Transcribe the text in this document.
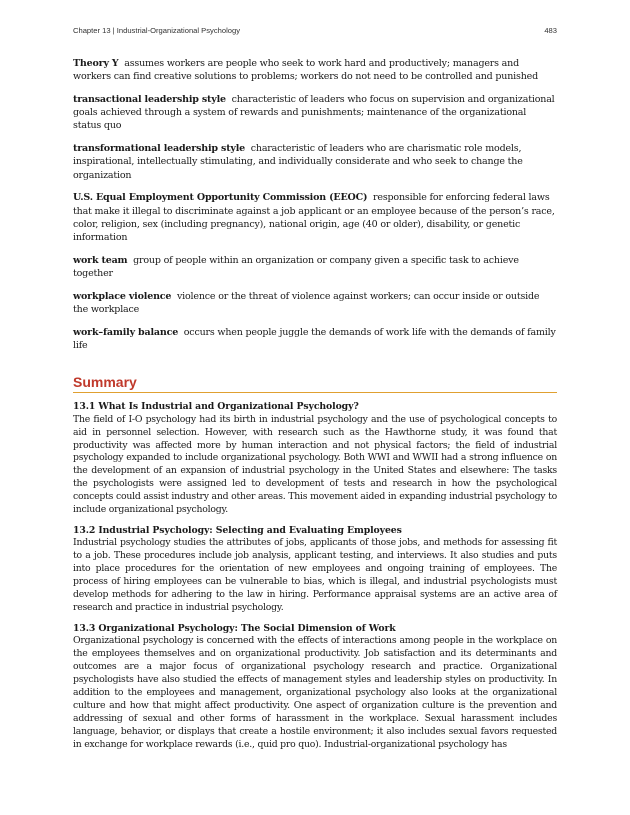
Chapter 13 | Industrial-Organizational Psychology	483

Theory Y assumes workers are people who seek to work hard and productively; managers and workers can find creative solutions to problems; workers do not need to be controlled and punished

transactional leadership style characteristic of leaders who focus on supervision and organizational goals achieved through a system of rewards and punishments; maintenance of the organizational status quo

transformational leadership style characteristic of leaders who are charismatic role models, inspirational, intellectually stimulating, and individually considerate and who seek to change the organization

U.S. Equal Employment Opportunity Commission (EEOC) responsible for enforcing federal laws that make it illegal to discriminate against a job applicant or an employee because of the person’s race, color, religion, sex (including pregnancy), national origin, age (40 or older), disability, or genetic information

work team group of people within an organization or company given a specific task to achieve together

workplace violence violence or the threat of violence against workers; can occur inside or outside the workplace

work–family balance occurs when people juggle the demands of work life with the demands of family life

Summary

13.1 What Is Industrial and Organizational Psychology?

The field of I-O psychology had its birth in industrial psychology and the use of psychological concepts to aid in personnel selection. However, with research such as the Hawthorne study, it was found that productivity was affected more by human interaction and not physical factors; the field of industrial psychology expanded to include organizational psychology. Both WWI and WWII had a strong influence on the development of an expansion of industrial psychology in the United States and elsewhere: The tasks the psychologists were assigned led to development of tests and research in how the psychological concepts could assist industry and other areas. This movement aided in expanding industrial psychology to include organizational psychology.

13.2 Industrial Psychology: Selecting and Evaluating Employees

Industrial psychology studies the attributes of jobs, applicants of those jobs, and methods for assessing fit to a job. These procedures include job analysis, applicant testing, and interviews. It also studies and puts into place procedures for the orientation of new employees and ongoing training of employees. The process of hiring employees can be vulnerable to bias, which is illegal, and industrial psychologists must develop methods for adhering to the law in hiring. Performance appraisal systems are an active area of research and practice in industrial psychology.

13.3 Organizational Psychology: The Social Dimension of Work

Organizational psychology is concerned with the effects of interactions among people in the workplace on the employees themselves and on organizational productivity. Job satisfaction and its determinants and outcomes are a major focus of organizational psychology research and practice. Organizational psychologists have also studied the effects of management styles and leadership styles on productivity. In addition to the employees and management, organizational psychology also looks at the organizational culture and how that might affect productivity. One aspect of organization culture is the prevention and addressing of sexual and other forms of harassment in the workplace. Sexual harassment includes language, behavior, or displays that create a hostile environment; it also includes sexual favors requested in exchange for workplace rewards (i.e., quid pro quo). Industrial-organizational psychology has
